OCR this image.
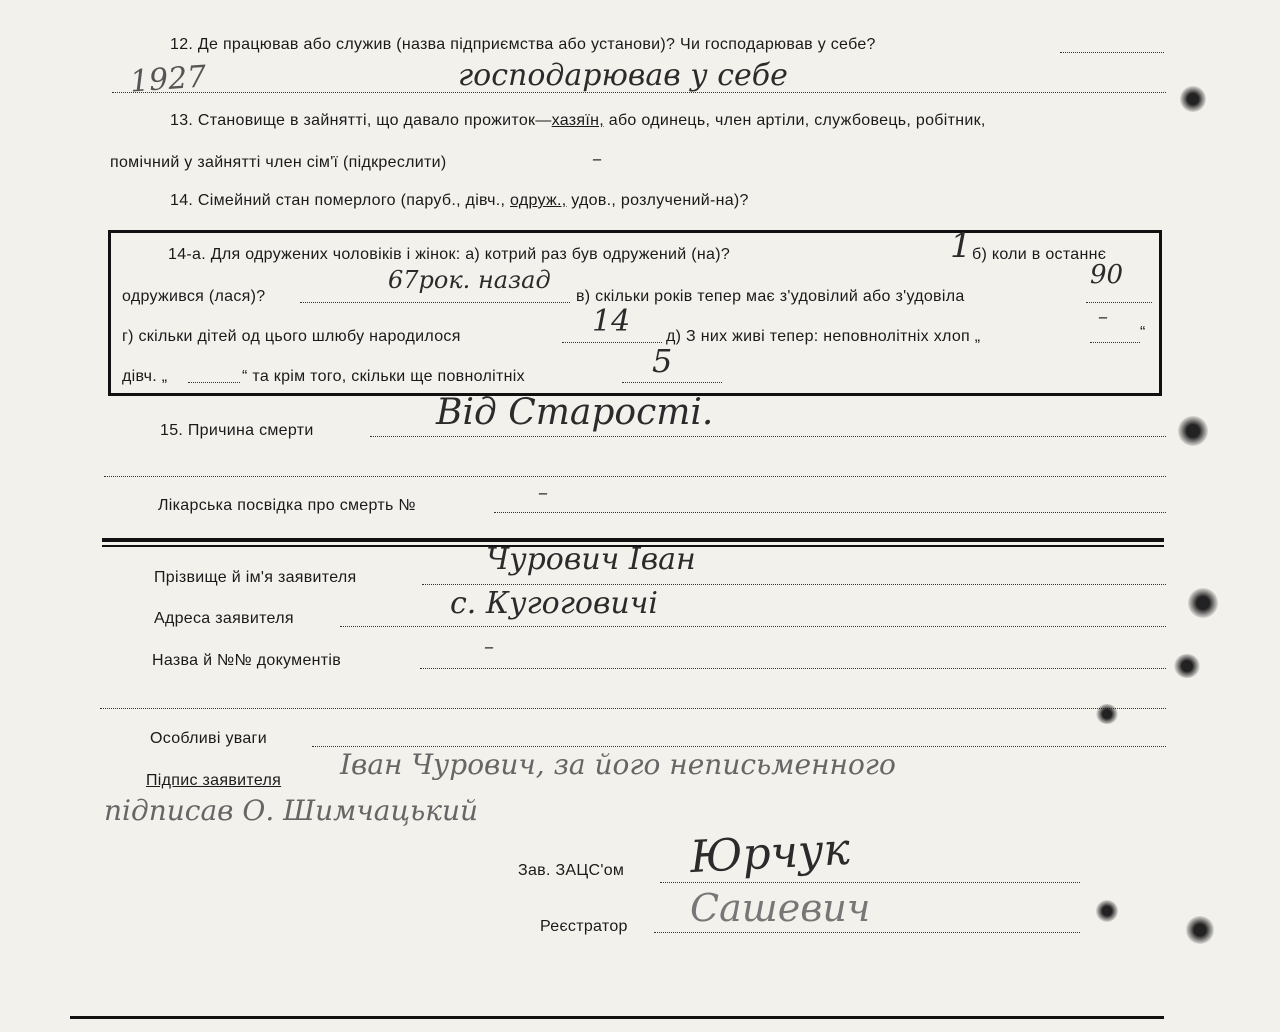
12. Де працював або служив (назва підприємства або установи)? Чи господарював у себе?
господарював у себе
1927
13. Становище в зайнятті, що давало прожиток—хазяїн, або одинець, член артіли, службовець, робітник,
помічний у зайнятті член сім'ї (підкреслити)	–
14. Сімейний стан померлого (паруб., дівч., одруж., удов., розлучений-на)?
14-а. Для одружених чоловіків і жінок: а) котрий раз був одружений (на)?	1 б) коли в останнє
одружився (лася)?
67рок. назад
в) скільки років тепер має з'удовілий або з'удовіла
90
г) скільки дітей од цього шлюбу народилося	14 д) З них живі тепер: неповнолітніх хлоп „
–
“
дівч. „	“ та крім того, скільки ще повнолітніх	5
15. Причина смерти	Від Старості.
Лікарська посвідка про смерть №
–
Прізвище й ім'я заявителя
Чурович Іван
Адреса заявителя	с. Кугоговичі
Назва й №№ документів
–
Особливі уваги
Підпис заявителя Іван Чурович, за його неписьменного
підписав О. Шимчацький
Зав. ЗАЦС'ом Юрчук
Реєстратор Сашевич
